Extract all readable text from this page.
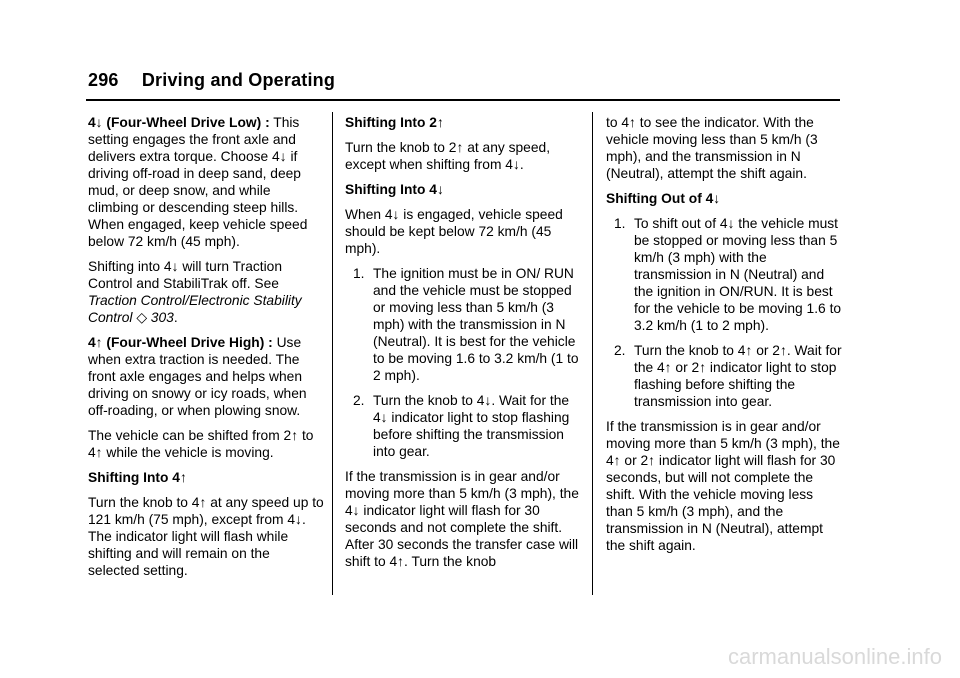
296 Driving and Operating

4↓ (Four-Wheel Drive Low) : This setting engages the front axle and delivers extra torque. Choose 4↓ if driving off-road in deep sand, deep mud, or deep snow, and while climbing or descending steep hills. When engaged, keep vehicle speed below 72 km/h (45 mph).

Shifting into 4↓ will turn Traction Control and StabiliTrak off. See Traction Control/Electronic Stability Control ◇ 303.

4↑ (Four-Wheel Drive High) : Use when extra traction is needed. The front axle engages and helps when driving on snowy or icy roads, when off-roading, or when plowing snow.

The vehicle can be shifted from 2↑ to 4↑ while the vehicle is moving.

Shifting Into 4↑

Turn the knob to 4↑ at any speed up to 121 km/h (75 mph), except from 4↓. The indicator light will flash while shifting and will remain on the selected setting.

Shifting Into 2↑

Turn the knob to 2↑ at any speed, except when shifting from 4↓.

Shifting Into 4↓

When 4↓ is engaged, vehicle speed should be kept below 72 km/h (45 mph).

1. The ignition must be in ON/ RUN and the vehicle must be stopped or moving less than 5 km/h (3 mph) with the transmission in N (Neutral). It is best for the vehicle to be moving 1.6 to 3.2 km/h (1 to 2 mph).
2. Turn the knob to 4↓. Wait for the 4↓ indicator light to stop flashing before shifting the transmission into gear.

If the transmission is in gear and/or moving more than 5 km/h (3 mph), the 4↓ indicator light will flash for 30 seconds and not complete the shift. After 30 seconds the transfer case will shift to 4↑. Turn the knob

to 4↑ to see the indicator. With the vehicle moving less than 5 km/h (3 mph), and the transmission in N (Neutral), attempt the shift again.

Shifting Out of 4↓

1. To shift out of 4↓ the vehicle must be stopped or moving less than 5 km/h (3 mph) with the transmission in N (Neutral) and the ignition in ON/RUN. It is best for the vehicle to be moving 1.6 to 3.2 km/h (1 to 2 mph).
2. Turn the knob to 4↑ or 2↑. Wait for the 4↑ or 2↑ indicator light to stop flashing before shifting the transmission into gear.

If the transmission is in gear and/or moving more than 5 km/h (3 mph), the 4↑ or 2↑ indicator light will flash for 30 seconds, but will not complete the shift. With the vehicle moving less than 5 km/h (3 mph), and the transmission in N (Neutral), attempt the shift again.

carmanualsonline.info
